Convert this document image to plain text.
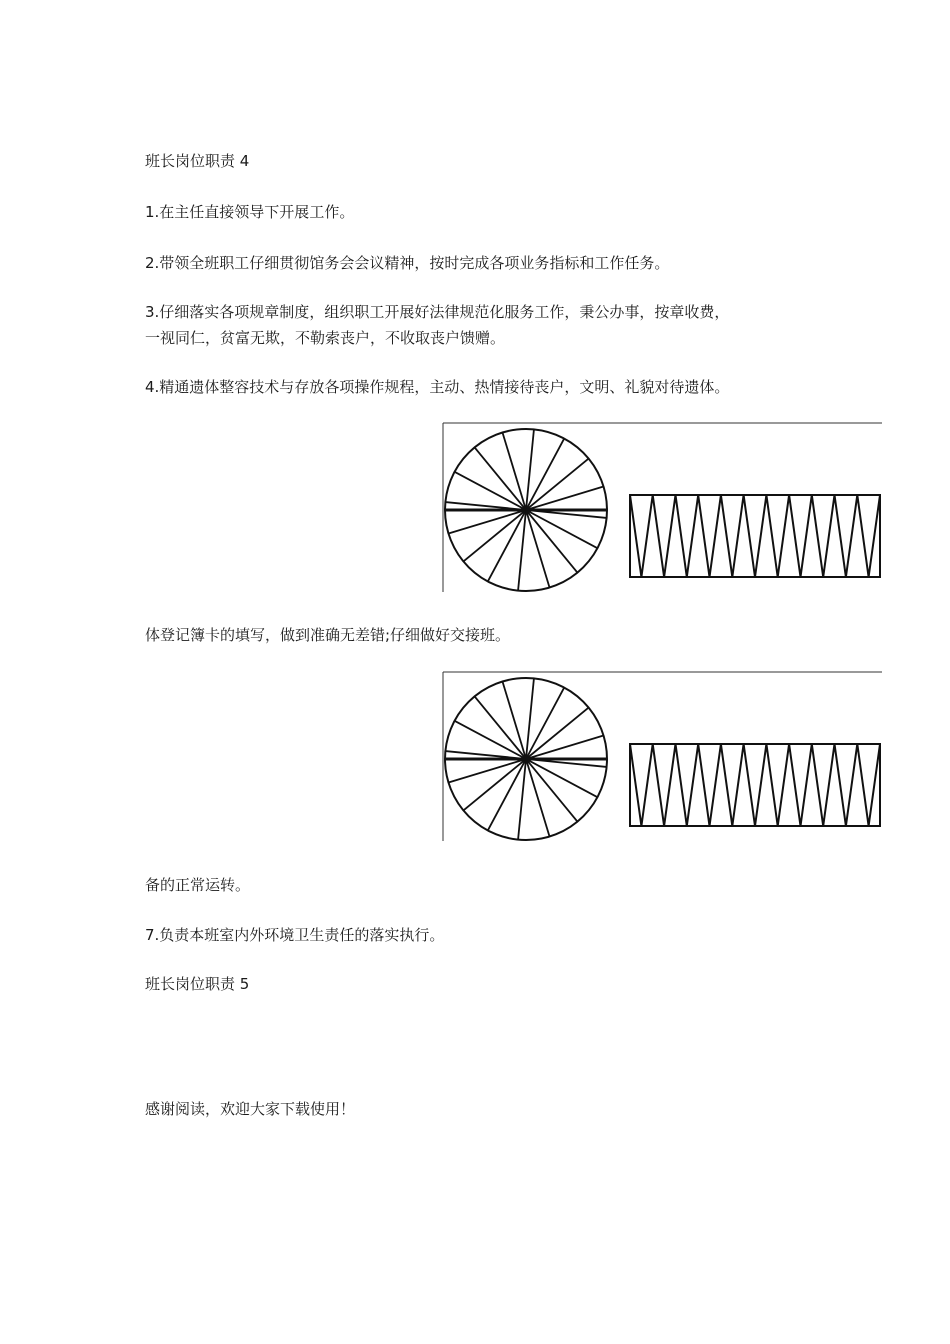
班长岗位职责 4
1.在主任直接领导下开展工作。
2.带领全班职工仔细贯彻馆务会会议精神，按时完成各项业务指标和工作任务。
3.仔细落实各项规章制度，组织职工开展好法律规范化服务工作，秉公办事，按章收费，
一视同仁，贫富无欺，不勒索丧户，不收取丧户馈赠。
4.精通遗体整容技术与存放各项操作规程，主动、热情接待丧户，文明、礼貌对待遗体。
体登记簿卡的填写，做到准确无差错;仔细做好交接班。
备的正常运转。
7.负责本班室内外环境卫生责任的落实执行。
班长岗位职责 5
感谢阅读，欢迎大家下载使用！
